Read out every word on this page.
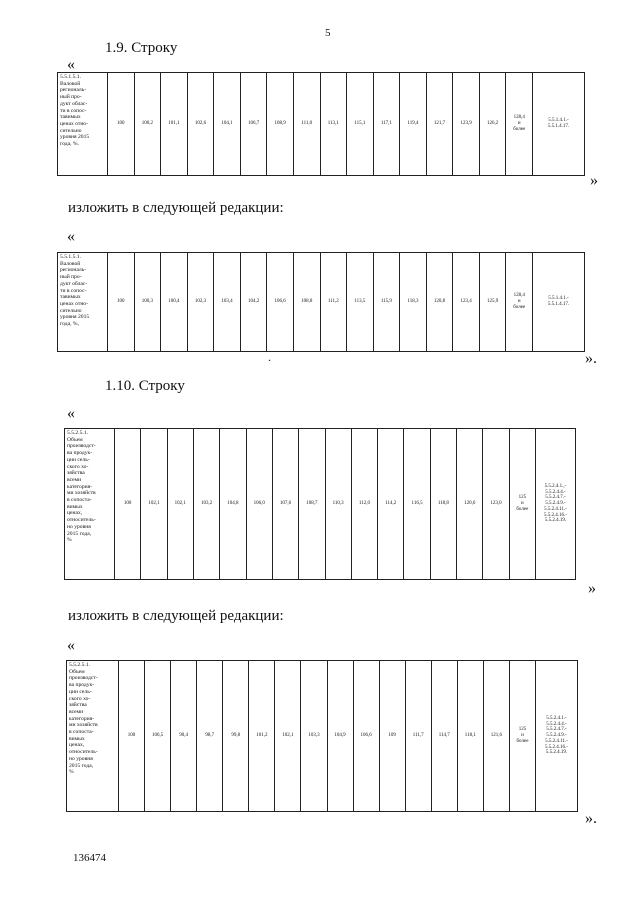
5
1.9. Строку
«
5.5.1.5.1.
Валовой
региональ-
ный про-
дукт облас-
ти в сопос-
тавимых
ценах отно-
сительно
уровня 2015
года, %.	100	100,2	101,1	102,6	104,1	106,7	108,9	111,0	113,1	115,1	117,1	119,4	121,7	123,9	126,2	128,4
и
более	5.5.1.4.1.-
5.5.1.4.17.
»
изложить в следующей редакции:
«
5.5.1.5.1.
Валовой
региональ-
ный про-
дукт облас-
ти в сопос-
тавимых
ценах отно-
сительно
уровня 2015
года, %,	100	100,3	100,4	102,3	103,4	104,2	106,6	108,8	111,2	113,5	115,9	118,3	120,8	123,4	125,9	128,4
и
более	5.5.1.4.1.-
5.5.1.4.17.
.	».
1.10. Строку
«
5.5.2.5.1.
Объем
производст-
ва продук-
ции сель-
ского хо-
зяйства
всеми
категория-
ми хозяйств
в сопоста-
вимых
ценах,
относитель-
но уровня
2015 года,
%	100	102,1	102,1	103,2	104,8	106,0	107,6	108,7	110,3	112,0	114,2	116,5	118,8	120,6	123,0	125
и
более	5.5.2.4.1.,-
5.5.2.4.4.-
5.5.2.4.7.-
5.5.2.4.9.-
5.5.2.4.11.-
5.5.2.4.16.-
5.5.2.4.19.
»
изложить в следующей редакции:
«
5.5.2.5.1.
Объем
производст-
ва продук-
ции сель-
ского хо-
зяйства
всеми
категория-
ми хозяйств
в сопоста-
вимых
ценах,
относитель-
но уровня
2015 года,
%	100	106,5	90,4	98,7	99,8	101,2	102,1	103,3	104,9	106,6	109	111,7	114,7	118,1	121,6	125
и
более	5.5.2.4.1.-
5.5.2.4.4.-
5.5.2.4.7.-
5.5.2.4.9.-
5.5.2.4.11.-
5.5.2.4.16.-
5.5.2.4.19.
».
136474
